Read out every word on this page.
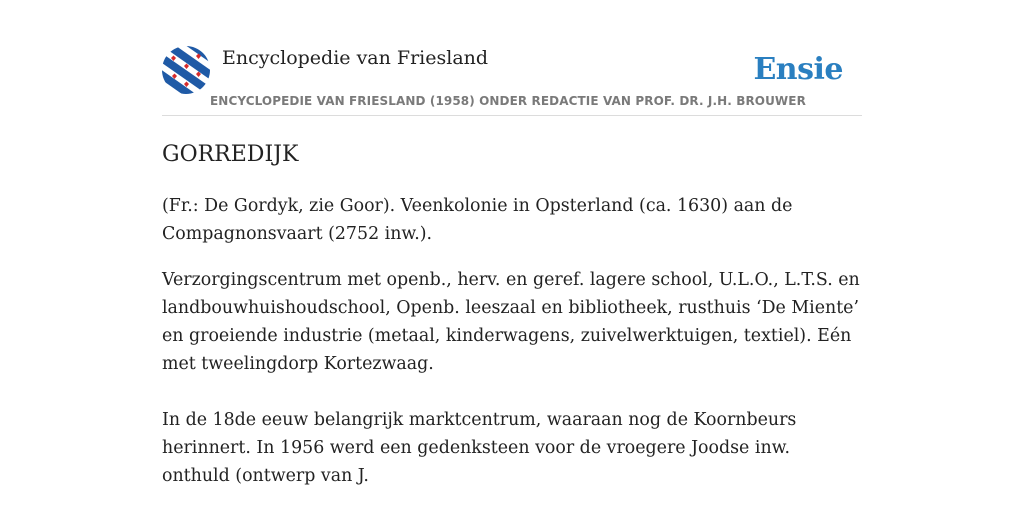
Encyclopedie van Friesland	Ensie
ENCYCLOPEDIE VAN FRIESLAND (1958) ONDER REDACTIE VAN PROF. DR. J.H. BROUWER
GORREDIJK

(Fr.: De Gordyk, zie Goor). Veenkolonie in Opsterland (ca. 1630) aan de Compagnonsvaart (2752 inw.).

Verzorgingscentrum met openb., herv. en geref. lagere school, U.L.O., L.T.S. en landbouwhuishoudschool, Openb. leeszaal en bibliotheek, rusthuis ‘De Miente’ en groeiende industrie (metaal, kinderwagens, zuivelwerktuigen, textiel). Eén met tweelingdorp Kortezwaag.

In de 18de eeuw belangrijk marktcentrum, waaraan nog de Koornbeurs herinnert. In 1956 werd een gedenksteen voor de vroegere Joodse inw. onthuld (ontwerp van J.
